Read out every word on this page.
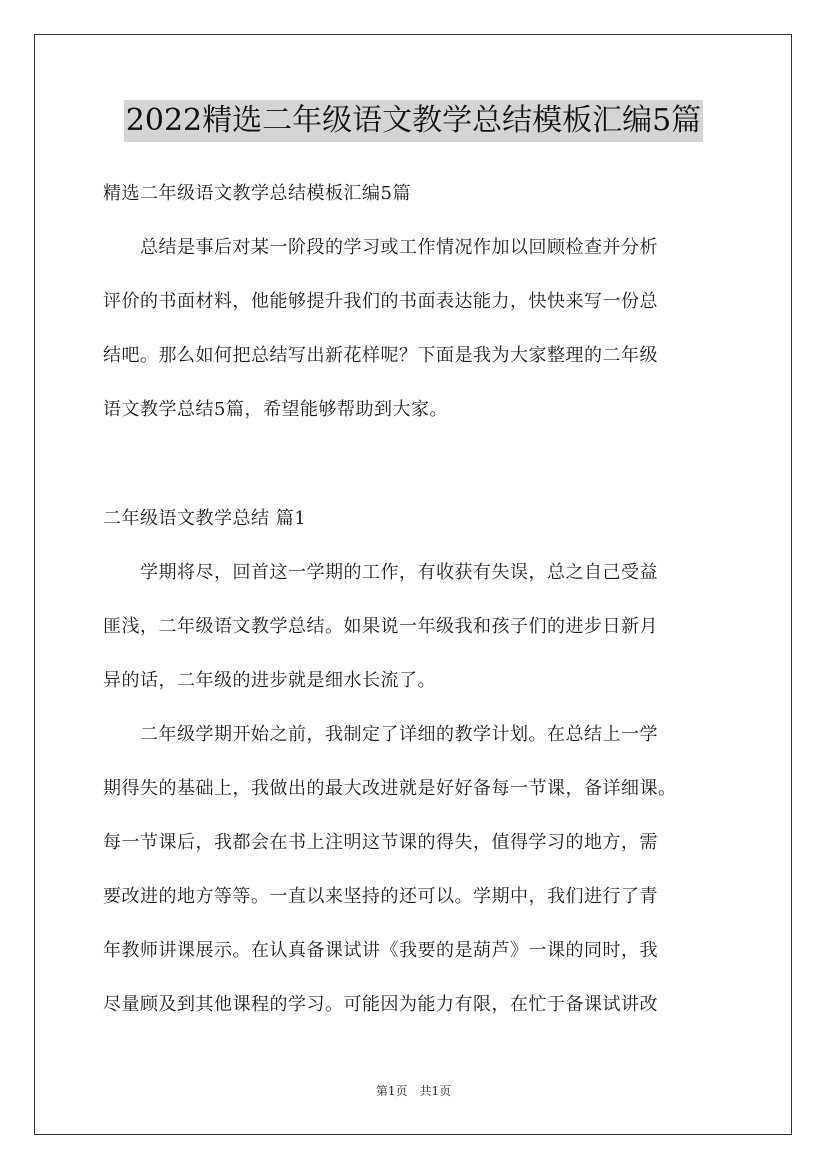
2022精选二年级语文教学总结模板汇编5篇
精选二年级语文教学总结模板汇编5篇
　　总结是事后对某一阶段的学习或工作情况作加以回顾检查并分析
评价的书面材料，他能够提升我们的书面表达能力，快快来写一份总
结吧。那么如何把总结写出新花样呢？下面是我为大家整理的二年级
语文教学总结5篇，希望能够帮助到大家。
二年级语文教学总结 篇1
　　学期将尽，回首这一学期的工作，有收获有失误，总之自己受益
匪浅，二年级语文教学总结。如果说一年级我和孩子们的进步日新月
异的话，二年级的进步就是细水长流了。
　　二年级学期开始之前，我制定了详细的教学计划。在总结上一学
期得失的基础上，我做出的最大改进就是好好备每一节课，备详细课。
每一节课后，我都会在书上注明这节课的得失，值得学习的地方，需
要改进的地方等等。一直以来坚持的还可以。学期中，我们进行了青
年教师讲课展示。在认真备课试讲《我要的是葫芦》一课的同时，我
尽量顾及到其他课程的学习。可能因为能力有限，在忙于备课试讲改
第1页　共1页
